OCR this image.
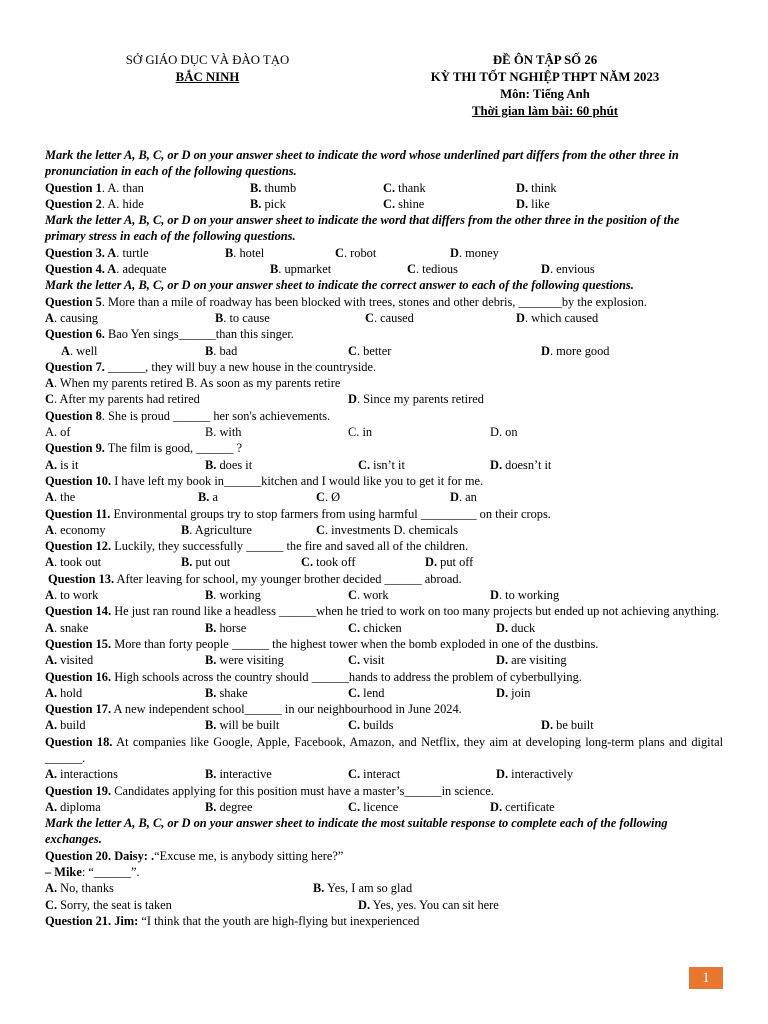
SỞ GIÁO DỤC VÀ ĐÀO TẠO
BẮC NINH
ĐỀ ÔN TẬP SỐ 26
KỲ THI TỐT NGHIỆP THPT NĂM 2023
Môn: Tiếng Anh
Thời gian làm bài: 60 phút
Mark the letter A, B, C, or D on your answer sheet to indicate the word whose underlined part differs from the other three in pronunciation in each of the following questions.
Question 1. A. than	B. thumb	C. thank	D. think
Question 2. A. hide	B. pick	C. shine	D. like
Mark the letter A, B, C, or D on your answer sheet to indicate the word that differs from the other three in the position of the primary stress in each of the following questions.
Question 3. A. turtle	B. hotel	C. robot	D. money
Question 4. A. adequate	B. upmarket	C. tedious	D. envious
Mark the letter A, B, C, or D on your answer sheet to indicate the correct answer to each of the following questions.
Question 5. More than a mile of roadway has been blocked with trees, stones and other debris, _______by the explosion.
A. causing	B. to cause	C. caused	D. which caused
Question 6. Bao Yen sings______than this singer.
A. well	B. bad	C. better	D. more good
Question 7. ______, they will buy a new house in the countryside.
A. When my parents retired B. As soon as my parents retire
C. After my parents had retired	D. Since my parents retired
Question 8. She is proud ______ her son's achievements.
A. of	B. with	C. in	D. on
Question 9. The film is good, ______ ?
A. is it	B. does it	C. isn’t it	D. doesn’t it
Question 10. I have left my book in______kitchen and I would like you to get it for me.
A. the	B. a	C. Ø	D. an
Question 11. Environmental groups try to stop farmers from using harmful _________ on their crops.
A. economy	B. Agriculture	C. investments D. chemicals
Question 12. Luckily, they successfully ______ the fire and saved all of the children.
A. took out	B. put out	C. took off	D. put off
Question 13. After leaving for school, my younger brother decided ______ abroad.
A. to work	B. working	C. work	D. to working
Question 14. He just ran round like a headless ______when he tried to work on too many projects but ended up not achieving anything.
A. snake	B. horse	C. chicken	D. duck
Question 15. More than forty people ______ the highest tower when the bomb exploded in one of the dustbins.
A. visited	B. were visiting	C. visit	D. are visiting
Question 16. High schools across the country should ______hands to address the problem of cyberbullying.
A. hold	B. shake	C. lend	D. join
Question 17. A new independent school______ in our neighbourhood in June 2024.
A. build	B. will be built	C. builds	D. be built
Question 18. At companies like Google, Apple, Facebook, Amazon, and Netflix, they aim at developing long-term plans and digital ______.
A. interactions	B. interactive	C. interact	D. interactively
Question 19. Candidates applying for this position must have a master’s______in science.
A. diploma	B. degree	C. licence	D. certificate
Mark the letter A, B, C, or D on your answer sheet to indicate the most suitable response to complete each of the following exchanges.
Question 20. Daisy: .“Excuse me, is anybody sitting here?”
– Mike: “______”.
A. No, thanks	B. Yes, I am so glad
C. Sorry, the seat is taken	D. Yes, yes. You can sit here
Question 21. Jim: “I think that the youth are high-flying but inexperienced
1
